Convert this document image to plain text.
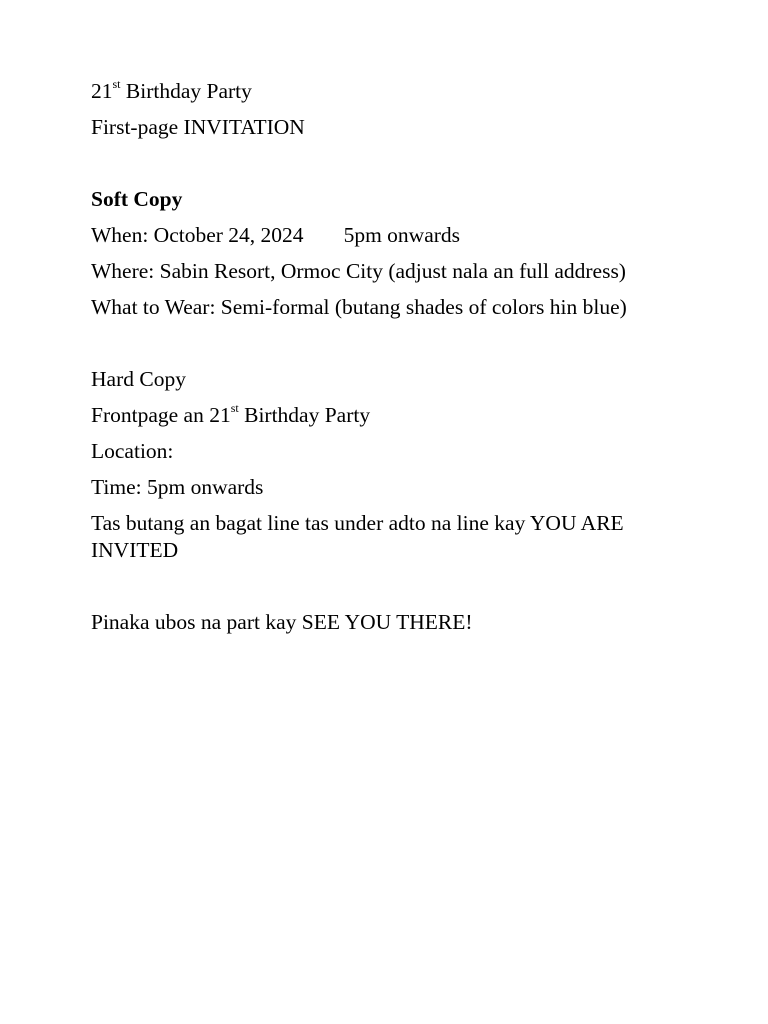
21st Birthday Party

First-page INVITATION

Soft Copy

When: October 24, 2024 5pm onwards

Where: Sabin Resort, Ormoc City (adjust nala an full address)

What to Wear: Semi-formal (butang shades of colors hin blue)

Hard Copy

Frontpage an 21st Birthday Party

Location:

Time: 5pm onwards

Tas butang an bagat line tas under adto na line kay YOU ARE INVITED

Pinaka ubos na part kay SEE YOU THERE!
